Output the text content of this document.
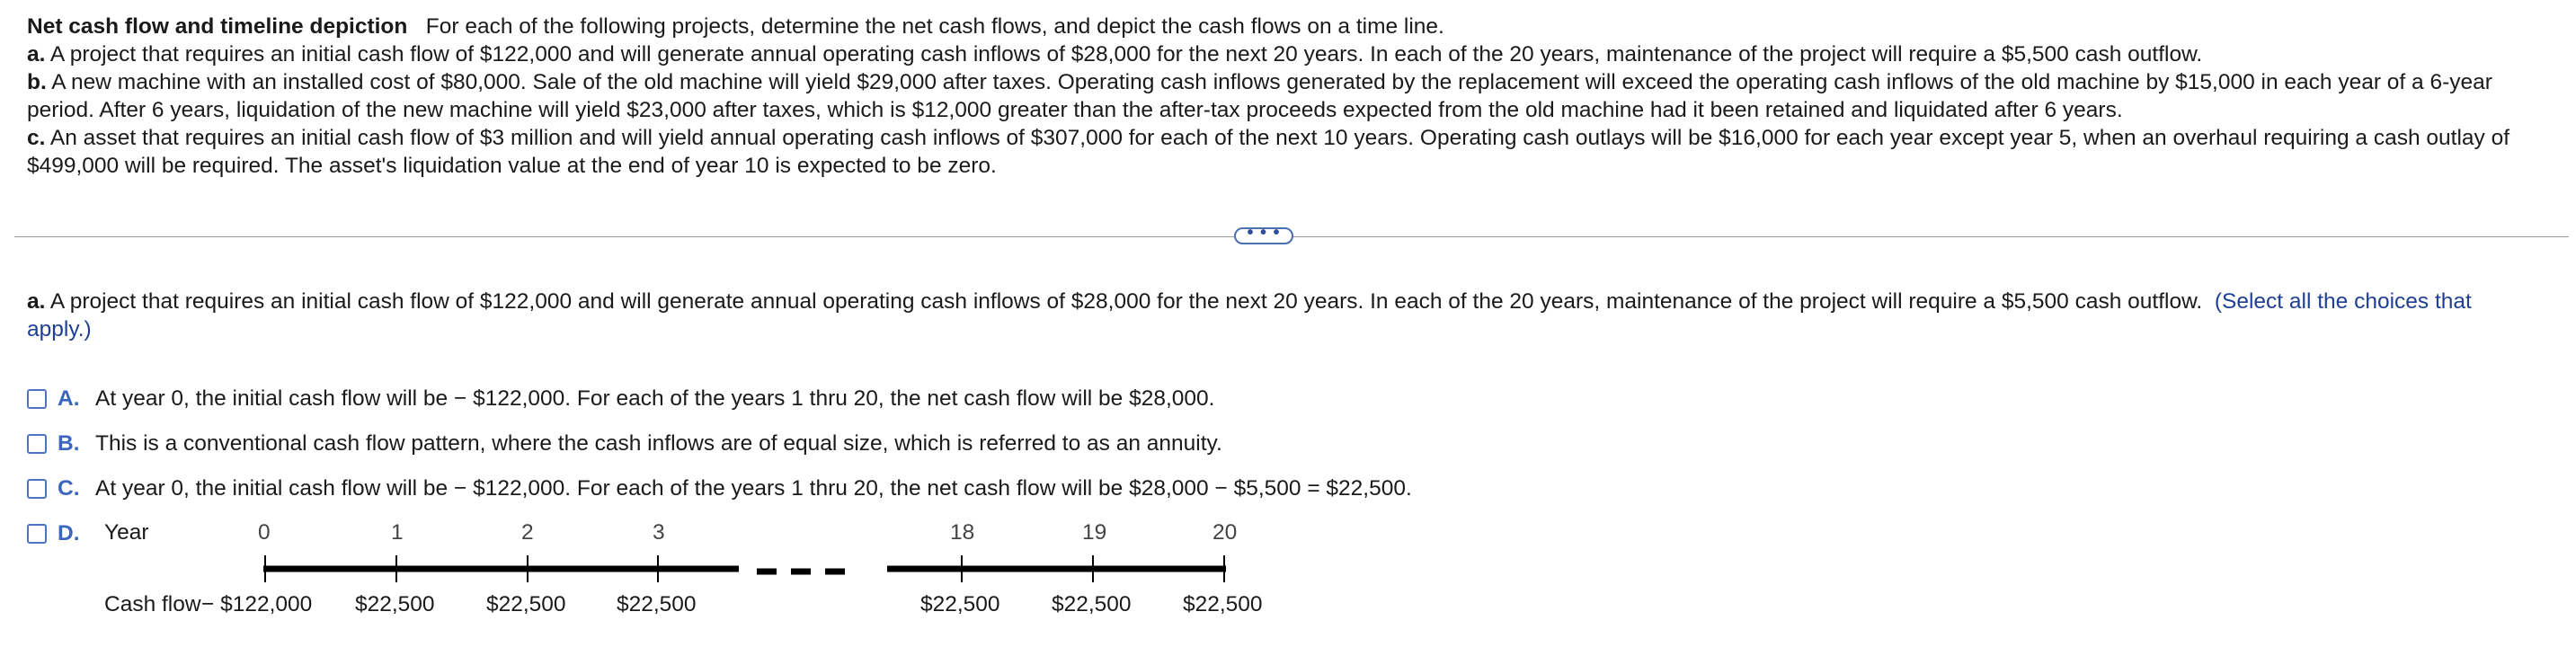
Net cash flow and timeline depiction For each of the following projects, determine the net cash flows, and depict the cash flows on a time line.

a. A project that requires an initial cash flow of $122,000 and will generate annual operating cash inflows of $28,000 for the next 20 years. In each of the 20 years, maintenance of the project will require a $5,500 cash outflow.

b. A new machine with an installed cost of $80,000. Sale of the old machine will yield $29,000 after taxes. Operating cash inflows generated by the replacement will exceed the operating cash inflows of the old machine by $15,000 in each year of a 6-year period. After 6 years, liquidation of the new machine will yield $23,000 after taxes, which is $12,000 greater than the after-tax proceeds expected from the old machine had it been retained and liquidated after 6 years.

c. An asset that requires an initial cash flow of $3 million and will yield annual operating cash inflows of $307,000 for each of the next 10 years. Operating cash outlays will be $16,000 for each year except year 5, when an overhaul requiring a cash outlay of $499,000 will be required. The asset's liquidation value at the end of year 10 is expected to be zero.

• • •
a. A project that requires an initial cash flow of $122,000 and will generate annual operating cash inflows of $28,000 for the next 20 years. In each of the 20 years, maintenance of the project will require a $5,500 cash outflow. (Select all the choices that apply.)
A. At year 0, the initial cash flow will be − $122,000. For each of the years 1 thru 20, the net cash flow will be $28,000.
B. This is a conventional cash flow pattern, where the cash inflows are of equal size, which is referred to as an annuity.
C. At year 0, the initial cash flow will be − $122,000. For each of the years 1 thru 20, the net cash flow will be $28,000 − $5,500 = $22,500.
D.	Year
Cash flow
0	1	2	3	18	19	20
− $122,000 $22,500 $22,500 $22,500	$22,500 $22,500 $22,500
